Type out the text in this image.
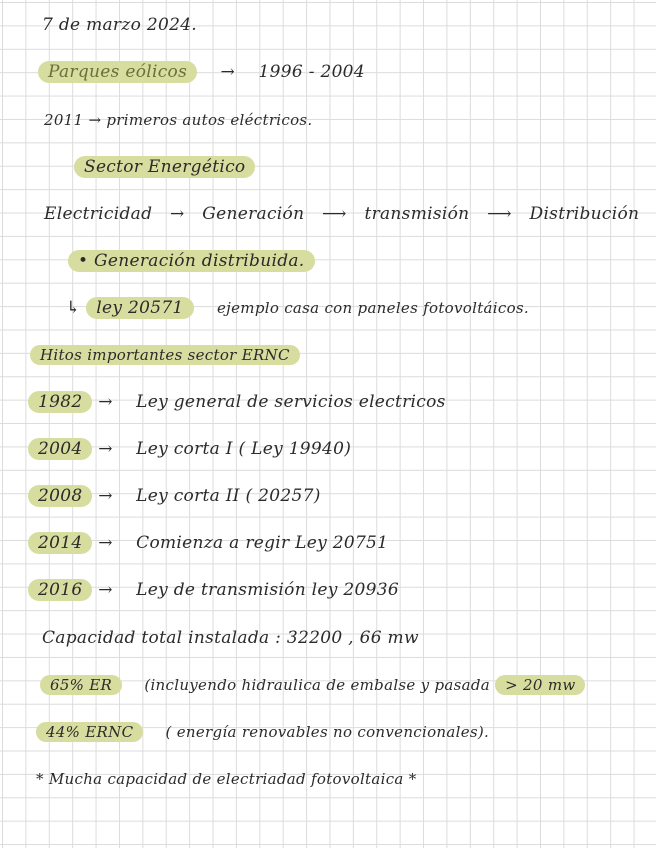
7 de marzo 2024.
Parques eólicos → 1996 - 2004
2011 → primeros autos eléctricos.
Sector Energético
Electricidad → Generación ⟶ transmisión ⟶ Distribución
• Generación distribuida.
↳ ley 20571 ejemplo casa con paneles fotovoltáicos.
Hitos importantes sector ERNC
1982 → Ley general de servicios electricos
2004 → Ley corta I ( Ley 19940)
2008 → Ley corta II ( 20257)
2014 → Comienza a regir Ley 20751
2016 → Ley de transmisión ley 20936
Capacidad total instalada : 32200 , 66 mw
65% ER (incluyendo hidraulica de embalse y pasada > 20 mw
44% ERNC ( energía renovables no convencionales).
* Mucha capacidad de electriadad fotovoltaica *
